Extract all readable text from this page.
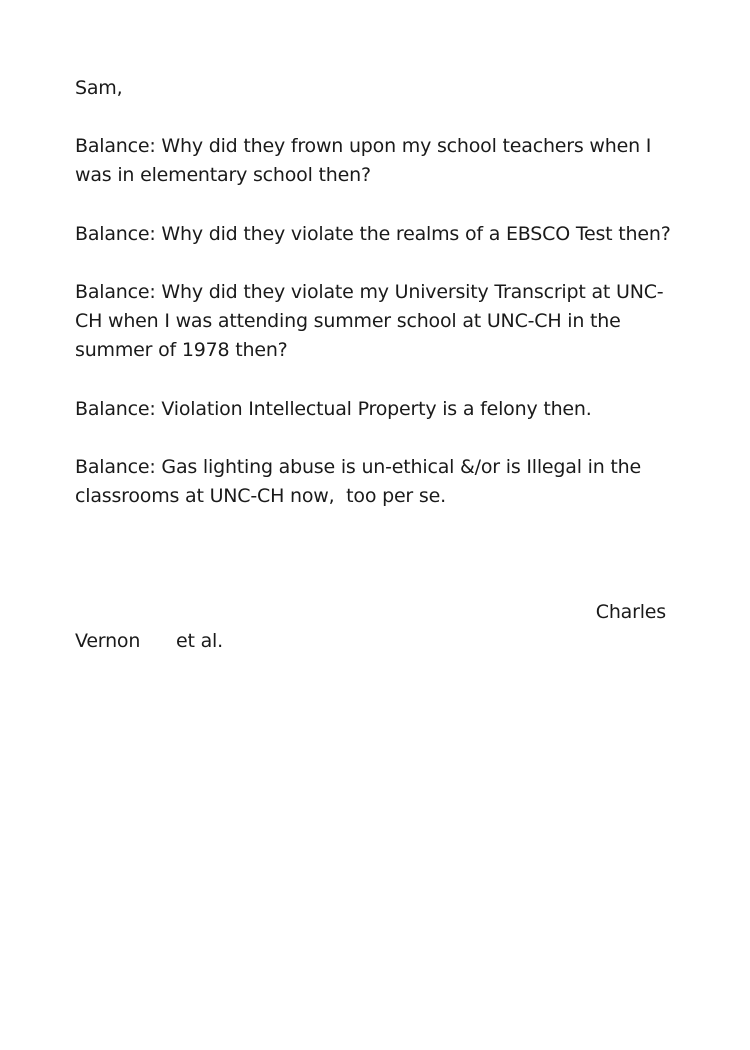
Sam,

Balance: Why did they frown upon my school teachers when I was in elementary school then?

Balance: Why did they violate the realms of a EBSCO Test then?

Balance: Why did they violate my University Transcript at UNC-CH when I was attending summer school at UNC-CH in the summer of 1978 then?

Balance: Violation Intellectual Property is a felony then.

Balance: Gas lighting abuse is un-ethical &/or is Illegal in the classrooms at UNC-CH now,  too per se.

Charles

Vernon et al.
